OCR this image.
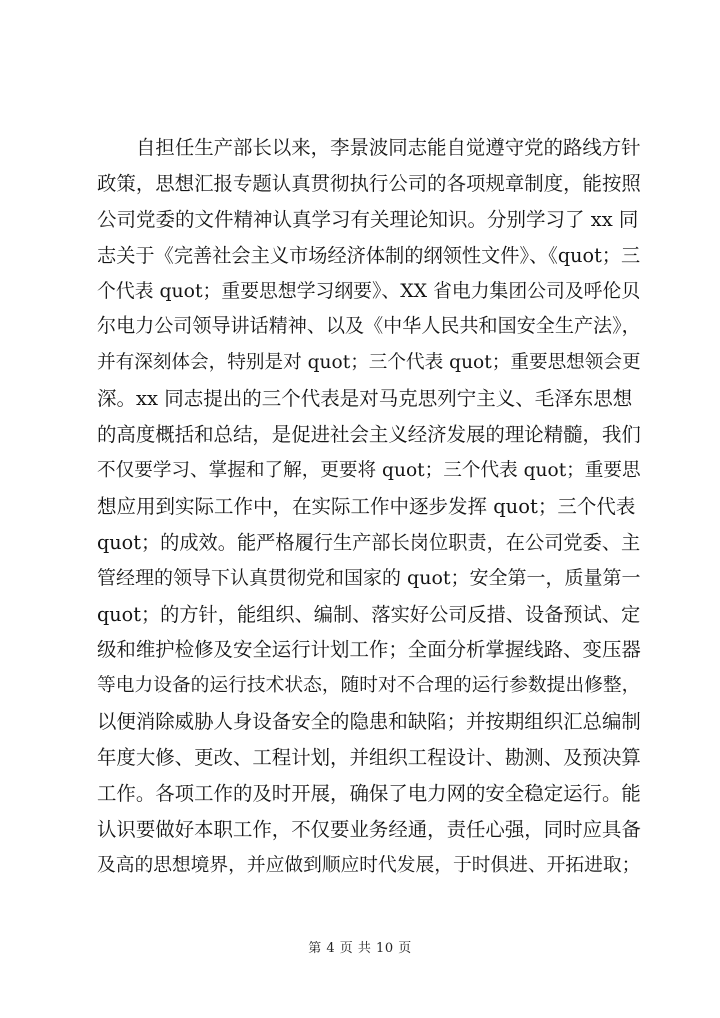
自担任生产部长以来，李景波同志能自觉遵守党的路线方针
政策，思想汇报专题认真贯彻执行公司的各项规章制度，能按照
公司党委的文件精神认真学习有关理论知识。分别学习了 xx 同
志关于《完善社会主义市场经济体制的纲领性文件》、《quot；三
个代表 quot；重要思想学习纲要》、XX 省电力集团公司及呼伦贝
尔电力公司领导讲话精神、以及《中华人民共和国安全生产法》，
并有深刻体会，特别是对 quot；三个代表 quot；重要思想领会更
深。xx 同志提出的三个代表是对马克思列宁主义、毛泽东思想
的高度概括和总结，是促进社会主义经济发展的理论精髓，我们
不仅要学习、掌握和了解，更要将 quot；三个代表 quot；重要思
想应用到实际工作中，在实际工作中逐步发挥 quot；三个代表
quot；的成效。能严格履行生产部长岗位职责，在公司党委、主
管经理的领导下认真贯彻党和国家的 quot；安全第一，质量第一
quot；的方针，能组织、编制、落实好公司反措、设备预试、定
级和维护检修及安全运行计划工作；全面分析掌握线路、变压器
等电力设备的运行技术状态，随时对不合理的运行参数提出修整，
以便消除威胁人身设备安全的隐患和缺陷；并按期组织汇总编制
年度大修、更改、工程计划，并组织工程设计、勘测、及预决算
工作。各项工作的及时开展，确保了电力网的安全稳定运行。能
认识要做好本职工作，不仅要业务经通，责任心强，同时应具备
及高的思想境界，并应做到顺应时代发展，于时俱进、开拓进取；
第 4 页 共 10 页
